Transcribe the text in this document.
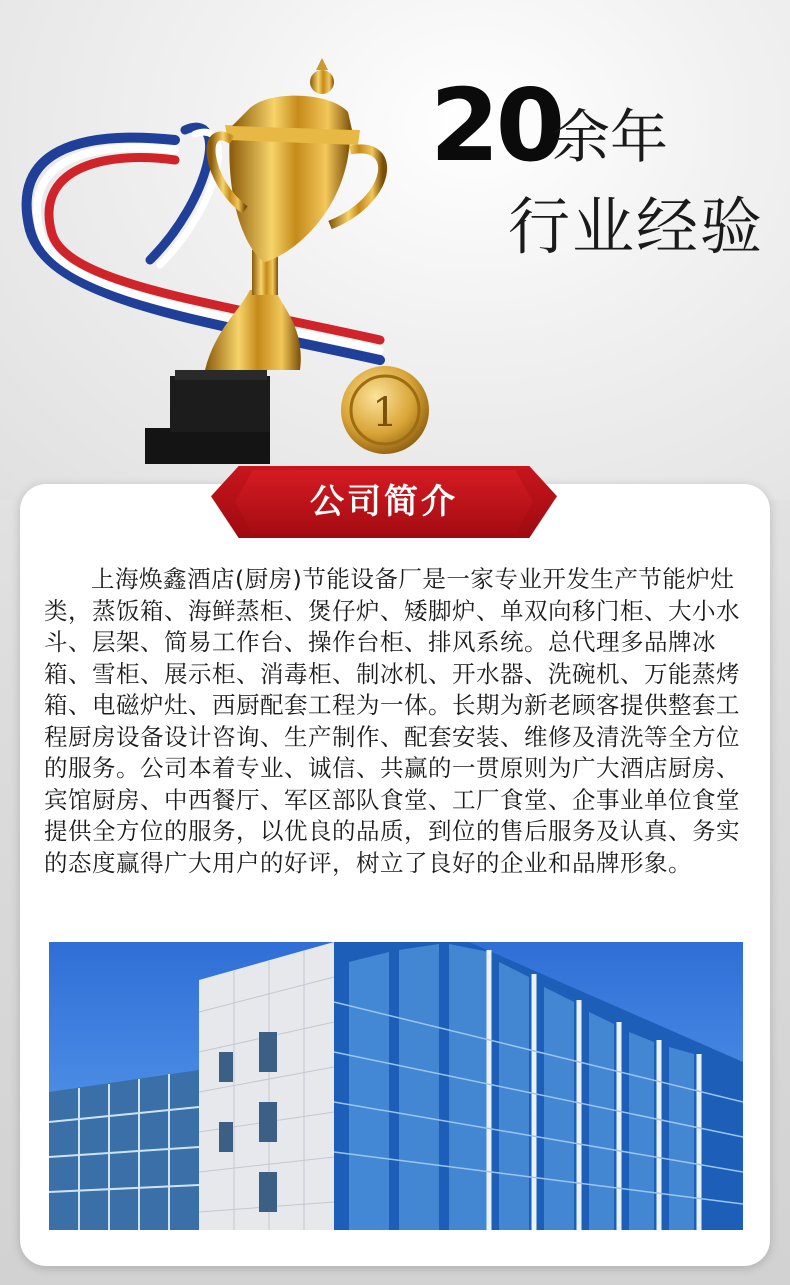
1
20
余年
行业经验
公司简介

上海焕鑫酒店(厨房)节能设备厂是一家专业开发生产节能炉灶类，蒸饭箱、海鲜蒸柜、煲仔炉、矮脚炉、单双向移门柜、大小水斗、层架、简易工作台、操作台柜、排风系统。总代理多品牌冰箱、雪柜、展示柜、消毒柜、制冰机、开水器、洗碗机、万能蒸烤箱、电磁炉灶、西厨配套工程为一体。长期为新老顾客提供整套工程厨房设备设计咨询、生产制作、配套安装、维修及清洗等全方位的服务。公司本着专业、诚信、共赢的一贯原则为广大酒店厨房、宾馆厨房、中西餐厅、军区部队食堂、工厂食堂、企事业单位食堂提供全方位的服务，以优良的品质，到位的售后服务及认真、务实的态度赢得广大用户的好评，树立了良好的企业和品牌形象。
